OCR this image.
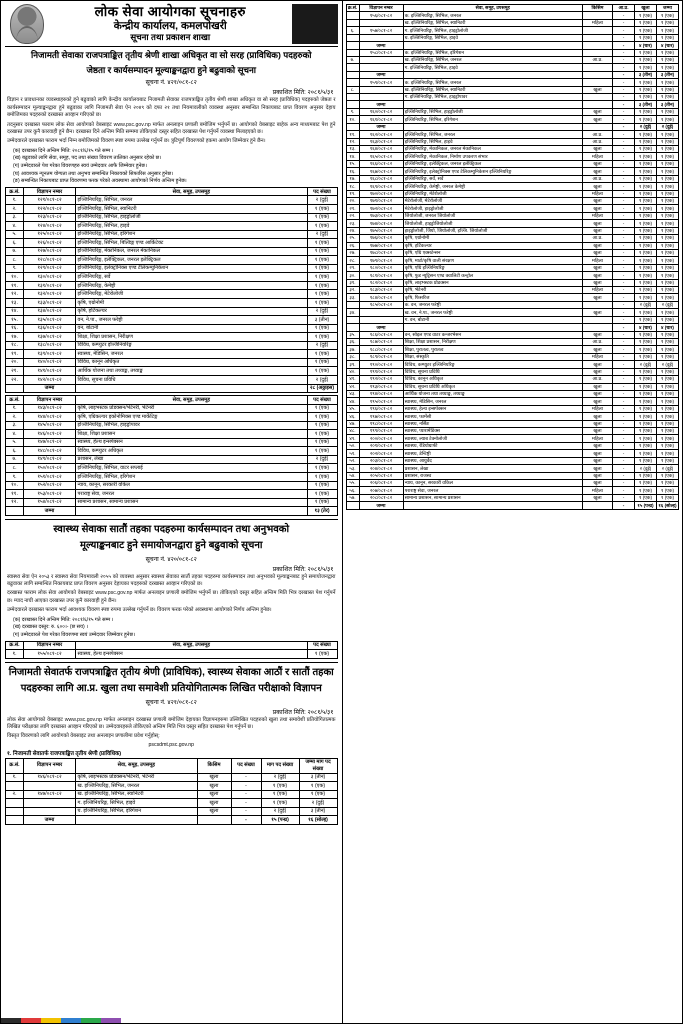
लोक सेवा आयोगका सूचनाहरु
केन्द्रीय कार्यालय, कमलपोखरी
सूचना तथा प्रकाशन शाखा
निजामती सेवाका राजपत्राङ्कित तृतीय श्रेणी शाखा अधिकृत वा सो सरह (प्राविधिक) पदहरुको
जेष्ठता र कार्यसम्पादन मूल्याङ्कनद्वारा हुने बढुवाको सूचना
सूचना नं. ४२१/०८१-८२
प्रकाशित मिति: २०८१/५/३१
विज्ञान र प्रावधानका व्यवस्थाहरुको हुने बढुवाको लागि केन्द्रीय कार्यालयबाट निजामती सेवाका राजपत्राङ्कित तृतीय श्रेणी शाखा अधिकृत वा सो सरह (प्राविधिक) पदहरुको जेष्ठता र कार्यसम्पादन मूल्याङ्कनद्वारा हुने बढुवाका लागि निजामती सेवा ऐन २०४९ को दफा २१ तथा नियमावलीको व्यवस्था अनुसार सम्बन्धित निकायबाट प्राप्त विवरण अनुसार देहाय बमोजिमका पदहरुको दरखास्त आव्हान गरिएको छ।
तदनुसार दरखास्त फाराम लोक सेवा आयोगको वेबसाइट www.psc.gov.np मार्फत अनलाइन प्रणाली बमोजिम भर्नुपर्ने छ। आयोगको वेबसाइट बाहेक अन्य माध्यमबाट पेश हुने दरखास्त उपर कुनै कारवाही हुने छैन। दरखास्त दिने अन्तिम मिति सम्ममा तोकिएको दस्तुर सहित दरखास्त पेश गर्नुपर्ने व्यवस्था मिलाइएको छ।
उम्मेदवारले दरखास्त फाराम भर्दा निम्न बमोजिमको विवरण स्पष्ट रुपमा उल्लेख गर्नुपर्ने छ। त्रुटिपूर्ण विवरणको हकमा आयोग जिम्मेवार हुने छैन।
(क) दरखास्त दिने अन्तिम मिति: २०८१/६/१५ गते सम्म ।
(ख) बढुवाको लागि सेवा, समूह, पद तथा संख्या विवरण तालिका अनुसार रहेको छ।
(ग) उम्मेदवारले पेश गरेका विवरणहरु स्वयं उम्मेदवार आफै जिम्मेवार हुनेछ।
(घ) आवश्यक न्यूनतम योग्यता तथा अनुभव सम्बन्धित निकायको सिफारिस अनुसार हुनेछ।
(ङ) सम्बन्धित निकायबाट प्राप्त विवरणमा फरक परेको अवस्थामा आयोगको निर्णय अन्तिम हुनेछ।
क्र.सं.	विज्ञापन नम्बर	सेवा, समूह, उपसमूह	पद संख्या
१.	१२१/०८१-८२	इञ्जिनियरिङ्ग, सिभिल, जनरल	२ (दुई)
२.	१२२/०८१-८२	इञ्जिनियरिङ्ग, सिभिल, स्यानिटरी	१ (एक)
३.	१२३/०८१-८२	इञ्जिनियरिङ्ग, सिभिल, हाइड्रोलोजी	१ (एक)
४.	१२४/०८१-८२	इञ्जिनियरिङ्ग, सिभिल, हाइवे	१ (एक)
५.	१२५/०८१-८२	इञ्जिनियरिङ्ग, सिभिल, इरिगेशन	२ (दुई)
६.	१२६/०८१-८२	इञ्जिनियरिङ्ग, सिभिल, बिल्डिङ्ग एण्ड आर्किटेक्ट	१ (एक)
७.	१२७/०८१-८२	इञ्जिनियरिङ्ग, मेकानिकल, जनरल मेकानिकल	१ (एक)
८.	१२८/०८१-८२	इञ्जिनियरिङ्ग, इलेक्ट्रिकल, जनरल इलेक्ट्रिकल	१ (एक)
९.	१२९/०८१-८२	इञ्जिनियरिङ्ग, इलेक्ट्रोनिक्स एण्ड टेलिकम्युनिकेशन	१ (एक)
१०.	१३०/०८१-८२	इञ्जिनियरिङ्ग, सर्वे	१ (एक)
११.	१३१/०८१-८२	इञ्जिनियरिङ्ग, केमेष्ट्री	१ (एक)
१२.	१३२/०८१-८२	इञ्जिनियरिङ्ग, मेटेरोलोजी	१ (एक)
१३.	१३३/०८१-८२	कृषि, एग्रोनोमी	१ (एक)
१४.	१३४/०८१-८२	कृषि, हर्टिकल्चर	२ (दुई)
१५.	१३५/०८१-८२	वन, ने.पा., जनरल फरेष्ट्री	३ (तीन)
१६.	१३६/०८१-८२	वन, बोटानी	१ (एक)
१७.	१३७/०८१-८२	शिक्षा, शिक्षा प्रशासन, निरीक्षण	१ (एक)
१८.	१३८/०८१-८२	विविध, कम्प्युटर इञ्जिनियरिङ्ग	२ (दुई)
१९.	१३९/०८१-८२	स्वास्थ्य, मेडिसिन, जनरल	१ (एक)
२०.	१४०/०८१-८२	विविध, कानून अधिकृत	१ (एक)
२१.	१४१/०८१-८२	आर्थिक योजना तथा तथ्याङ्क, तथ्याङ्क	१ (एक)
२२.	१४२/०८१-८२	विविध, सूचना प्रविधि	२ (दुई)
	जम्मा		२८ (अठ्ठाइस)
क्र.सं.	विज्ञापन नम्बर	सेवा, समूह, उपसमूह	पद संख्या
१.	१४३/०८१-८२	कृषि, लाइभस्टक प्रोडक्सन/भेटेनरी, भेटेनरी	१ (एक)
२.	१४४/०८१-८२	कृषि, एग्रिकल्चर इकोनोमिक्स एण्ड मार्केटिङ्ग	१ (एक)
३.	१४५/०८१-८२	इञ्जिनियरिङ्ग, सिभिल, हाइड्रोपावर	१ (एक)
४.	१४६/०८१-८२	शिक्षा, शिक्षा प्रशासन	१ (एक)
५.	१४७/०८१-८२	स्वास्थ्य, हेल्थ इन्सपेक्सन	१ (एक)
६.	१४८/०८१-८२	विविध, कम्प्युटर अधिकृत	१ (एक)
७.	१४९/०८१-८२	प्रशासन, लेखा	२ (दुई)
८.	१५०/०८१-८२	इञ्जिनियरिङ्ग, सिभिल, वाटर सप्लाई	१ (एक)
९.	१५१/०८१-८२	इञ्जिनियरिङ्ग, सिभिल, इरिगेशन	१ (एक)
१०.	१५२/०८१-८२	न्याय, कानून, सरकारी वकिल	१ (एक)
११.	१५३/०८१-८२	पराराष्ट्र सेवा, जनरल	१ (एक)
१२.	१५४/०८१-८२	सामान्य प्रशासन, सामान्य प्रशासन	१ (एक)
	जम्मा		१३ (तेर)
स्वास्थ्य सेवाका सातौं तहका पदहरुमा कार्यसम्पादन तथा अनुभवको
मूल्याङ्कनबाट हुने समायोजनद्वारा हुने बढुवाको सूचना
सूचना नं. ४२०/०८१-८२
प्रकाशित मिति: २०८१/५/३१
स्वास्थ्य सेवा ऐन २०५३ र स्वास्थ्य सेवा नियमावली २०५५ को व्यवस्था अनुसार स्वास्थ्य सेवाका सातौं तहका पदहरुमा कार्यसम्पादन तथा अनुभवको मूल्याङ्कनबाट हुने समायोजनद्वारा बढुवाका लागि सम्बन्धित निकायबाट प्राप्त विवरण अनुसार देहायका पदहरुको दरखास्त आव्हान गरिएको छ।
दरखास्त फाराम लोक सेवा आयोगको वेबसाइट www.psc.gov.np मार्फत अनलाइन प्रणाली बमोजिम भर्नुपर्ने छ। तोकिएको दस्तुर सहित अन्तिम मिति भित्र दरखास्त पेश गर्नुपर्ने छ। म्याद नाघी आएका दरखास्त उपर कुनै कारवाही हुने छैन।
उम्मेदवारले दरखास्त फाराम भर्दा आवश्यक विवरण स्पष्ट रुपमा उल्लेख गर्नुपर्ने छ। विवरण फरक परेको अवस्थामा आयोगको निर्णय अन्तिम हुनेछ।
(क) दरखास्त दिने अन्तिम मिति: २०८१/६/१५ गते सम्म ।
(ख) दरखास्त दस्तुर: रु. ६००।- (छ सय) ।
(ग) उम्मेदवारले पेश गरेका विवरणमा स्वयं उम्मेदवार जिम्मेवार हुनेछ।
क्र.सं.	विज्ञापन नम्बर	सेवा, समूह, उपसमूह	पद संख्या
१.	१५५/०८१-८२	स्वास्थ्य, हेल्थ इन्सपेक्सन	१ (एक)
निजामती सेवातर्फ राजपत्राङ्कित तृतीय श्रेणी (प्राविधिक), स्वास्थ्य सेवाका आठौं र सातौं तहका
पदहरुका लागि आ.प्र. खुला तथा समावेशी प्रतियोगितात्मक लिखित परीक्षाको विज्ञापन
सूचना नं. ४२१/०८१-८२
प्रकाशित मिति: २०८१/५/३१
लोक सेवा आयोगको वेबसाइट www.psc.gov.np मार्फत अनलाइन दरखास्त प्रणाली बमोजिम देहायका विज्ञापनहरुमा उल्लिखित पदहरुको खुला तथा समावेशी प्रतियोगितात्मक लिखित परीक्षाका लागि दरखास्त आव्हान गरिएको छ। उम्मेदवारहरुले तोकिएको अन्तिम मिति भित्र दस्तुर सहित दरखास्त पेश गर्नुपर्ने छ।
विस्तृत विवरणको लागि आयोगको वेबसाइट तथा अनलाइन प्रणालीमा प्रवेश गर्नुहोस्:
pscsdmt.psc.gov.np
१. निजामती सेवातर्फ राजपत्राङ्कित तृतीय श्रेणी (प्राविधिक)
क्र.सं.	विज्ञापन नम्बर	सेवा, समूह, उपसमूह	किसिम	पद संख्या	माग पद संख्या	जम्मा माग पद संख्या
१.	१४६/०८१-८२	कृषि, लाइभस्टक प्रोडक्सन/भेटेनरी, भेटेनरी	खुला	-	२ (दुई)	३ (तीन)
		ख. इञ्जिनियरिङ्ग, सिभिल, जनरल	खुला	-	१ (एक)	१ (एक)
२.	१४७/०८१-८२	ख. इञ्जिनियरिङ्ग, सिभिल, स्यानिटरी	खुला	-	१ (एक)	१ (एक)
		ग. इञ्जिनियरिङ्ग, सिभिल, हाइवे	खुला	-	१ (एक)	२ (दुई)
		घ. इञ्जिनियरिङ्ग, सिभिल, इरिगेशन	खुला	-	२ (दुई)	३ (तीन)
	जम्मा			-	१५ (पन्ध्र)	१६ (सोल्ह)
क्र.सं.	विज्ञापन नम्बर	सेवा, समूह, उपसमूह	किसिम	आ.प्र.	खुला	जम्मा
	१५६/०८१-८२	क. इञ्जिनियरिङ्ग, सिभिल, जनरल		-	१ (एक)	१ (एक)
		ख. इञ्जिनियरिङ्ग, सिभिल, स्यानिटरी	महिला	-	१ (एक)	१ (एक)
६.	१५७/०८१-८२	ग. इञ्जिनियरिङ्ग, सिभिल, हाइड्रोलोजी		-	१ (एक)	१ (एक)
		घ. इञ्जिनियरिङ्ग, सिभिल, हाइवे		-	१ (एक)	१ (एक)
	जम्मा			-	४ (चार)	४ (चार)
	१५८/०८१-८२	क. इञ्जिनियरिङ्ग, सिभिल, इरिगेशन		-	१ (एक)	१ (एक)
७.		ख. इञ्जिनियरिङ्ग, सिभिल, जनरल	आ.प्र.	-	१ (एक)	१ (एक)
		ग. इञ्जिनियरिङ्ग, सिभिल, हाइवे		-	१ (एक)	१ (एक)
	जम्मा			-	३ (तीन)	३ (तीन)
	१५९/०८१-८२	क. इञ्जिनियरिङ्ग, सिभिल, जनरल		-	१ (एक)	१ (एक)
८.		ख. इञ्जिनियरिङ्ग, सिभिल, स्यानिटरी	खुला	-	१ (एक)	१ (एक)
		ग. इञ्जिनियरिङ्ग, सिभिल, हाइड्रोपावर		-	१ (एक)	१ (एक)
	जम्मा			-	३ (तीन)	३ (तीन)
९.	१६०/०८१-८२	इञ्जिनियरिङ्ग, सिभिल, हाइड्रोलोजी	खुला	-	१ (एक)	१ (एक)
१०.	१६१/०८१-८२	इञ्जिनियरिङ्ग, सिभिल, इरिगेशन	खुला	-	१ (एक)	१ (एक)
	जम्मा			-	२ (दुई)	२ (दुई)
११.	१६२/०८१-८२	इञ्जिनियरिङ्ग, सिभिल, जनरल	आ.प्र.	-	१ (एक)	१ (एक)
१२.	१६३/०८१-८२	इञ्जिनियरिङ्ग, सिभिल, हाइवे	आ.प्र.	-	१ (एक)	१ (एक)
१३.	१६४/०८१-८२	इञ्जिनियरिङ्ग, मेकानिकल, जनरल मेकानिकल	खुला	-	१ (एक)	१ (एक)
१४.	१६५/०८१-८२	इञ्जिनियरिङ्ग, मेकानिकल, निर्माण उपकरण संभार	महिला	-	१ (एक)	१ (एक)
१५.	१६६/०८१-८२	इञ्जिनियरिङ्ग, इलेक्ट्रिकल, जनरल इलेक्ट्रिकल	खुला	-	१ (एक)	१ (एक)
१६.	१६७/०८१-८२	इञ्जिनियरिङ्ग, इलेक्ट्रोनिक्स एण्ड टेलिकम्युनिकेशन इञ्जिनियरिङ्ग	खुला	-	१ (एक)	१ (एक)
१७.	१६८/०८१-८२	इञ्जिनियरिङ्ग, सर्वे, सर्वे	आ.प्र.	-	१ (एक)	१ (एक)
१८.	१६९/०८१-८२	इञ्जिनियरिङ्ग, केमेष्ट्री, जनरल केमेष्ट्री	खुला	-	१ (एक)	१ (एक)
१९.	१७०/०८१-८२	इञ्जिनियरिङ्ग, मेटेरोलोजी	महिला	-	१ (एक)	१ (एक)
२०.	१७१/०८१-८२	मेटेरोलोजी, मेटेरोलोजी	खुला	-	१ (एक)	१ (एक)
२१.	१७२/०८१-८२	मेटेरोलोजी, हाइड्रोलोजी	खुला	-	१ (एक)	१ (एक)
२२.	१७३/०८१-८२	जियोलोजी, जनरल जियोलोजी	महिला	-	१ (एक)	१ (एक)
२३.	१७४/०८१-८२	जियोलोजी, हाइड्रोजियोलोजी	खुला	-	१ (एक)	१ (एक)
२४.	१७५/०८१-८२	हाइड्रोलोजी, जियो, जियोलोजी, इञ्जि. जियोलोजी	खुला	-	१ (एक)	१ (एक)
२५.	१७६/०८१-८२	कृषि, एग्रोनोमी	आ.प्र.	-	१ (एक)	१ (एक)
२६.	१७७/०८१-८२	कृषि, हर्टिकल्चर	खुला	-	१ (एक)	१ (एक)
२७.	१७८/०८१-८२	कृषि, एग्रि एक्सटेन्सन	खुला	-	१ (एक)	१ (एक)
२८.	१७९/०८१-८२	कृषि, माटो/कृषि वाली संरक्षण	महिला	-	१ (एक)	१ (एक)
२९.	१८०/०८१-८२	कृषि, एग्रि इञ्जिनियरिङ्ग	खुला	-	१ (एक)	१ (एक)
३०.	१८१/०८१-८२	कृषि, फुड न्यूट्रिसन एण्ड क्वालिटी कन्ट्रोल	खुला	-	१ (एक)	१ (एक)
३१.	१८२/०८१-८२	कृषि, लाइभस्टक प्रोडक्सन	खुला	-	१ (एक)	१ (एक)
३२.	१८३/०८१-८२	कृषि, भेटेनरी	महिला	-	१ (एक)	१ (एक)
३३.	१८४/०८१-८२	कृषि, फिसरिज	खुला	-	१ (एक)	१ (एक)
	१८५/०८१-८२	क. वन, जनरल फरेष्ट्री		-	२ (दुई)	२ (दुई)
३४.		ख. वन, ने.पा., जनरल फरेष्ट्री	खुला	-	१ (एक)	१ (एक)
		ग. वन, बोटानी		-	१ (एक)	१ (एक)
	जम्मा			-	४ (चार)	४ (चार)
३५.	१८६/०८१-८२	वन, सोइल एण्ड वाटर कन्जरभेसन	खुला	-	१ (एक)	१ (एक)
३६.	१८७/०८१-८२	शिक्षा, शिक्षा प्रशासन, निरीक्षण	आ.प्र.	-	१ (एक)	१ (एक)
३७.	१८८/०८१-८२	शिक्षा, पुरातत्व, पुरातत्व	खुला	-	१ (एक)	१ (एक)
३८.	१८९/०८१-८२	शिक्षा, संस्कृति	महिला	-	१ (एक)	१ (एक)
३९.	१९०/०८१-८२	विविध, कम्प्युटर इञ्जिनियरिङ्ग	खुला	-	२ (दुई)	२ (दुई)
४०.	१९१/०८१-८२	विविध, सूचना प्रविधि	खुला	-	१ (एक)	१ (एक)
४१.	१९२/०८१-८२	विविध, कानून अधिकृत	आ.प्र.	-	१ (एक)	१ (एक)
४२.	१९३/०८१-८२	विविध, सूचना प्रविधि अधिकृत	खुला	-	१ (एक)	१ (एक)
४३.	१९४/०८१-८२	आर्थिक योजना तथा तथ्याङ्क, तथ्याङ्क	खुला	-	१ (एक)	१ (एक)
४४.	१९५/०८१-८२	स्वास्थ्य, मेडिसिन, जनरल	खुला	-	१ (एक)	१ (एक)
४५.	१९६/०८१-८२	स्वास्थ्य, हेल्थ इन्सपेक्सन	महिला	-	१ (एक)	१ (एक)
४६.	१९७/०८१-८२	स्वास्थ्य, फार्मेसी	खुला	-	१ (एक)	१ (एक)
४७.	१९८/०८१-८२	स्वास्थ्य, नर्सिङ	खुला	-	१ (एक)	१ (एक)
४८.	१९९/०८१-८२	स्वास्थ्य, प्यारामेडिक्स	खुला	-	१ (एक)	१ (एक)
४९.	२००/०८१-८२	स्वास्थ्य, ल्याब टेक्नोलोजी	महिला	-	१ (एक)	१ (एक)
५०.	२०१/०८१-८२	स्वास्थ्य, रेडियोग्राफी	खुला	-	१ (एक)	१ (एक)
५१.	२०२/०८१-८२	स्वास्थ्य, डेन्टिष्ट्री	खुला	-	१ (एक)	१ (एक)
५२.	२०३/०८१-८२	स्वास्थ्य, आयुर्वेद	खुला	-	१ (एक)	१ (एक)
५३.	२०४/०८१-८२	प्रशासन, लेखा	खुला	-	२ (दुई)	२ (दुई)
५४.	२०५/०८१-८२	प्रशासन, राजस्व	खुला	-	१ (एक)	१ (एक)
५५.	२०६/०८१-८२	न्याय, कानून, सरकारी वकिल	खुला	-	१ (एक)	१ (एक)
५६.	२०७/०८१-८२	पराराष्ट्र सेवा, जनरल	महिला	-	१ (एक)	१ (एक)
५७.	२०८/०८१-८२	सामान्य प्रशासन, सामान्य प्रशासन	खुला	-	१ (एक)	१ (एक)
	जम्मा			-	१५ (पन्ध्र)	१६ (सोल्ह)
